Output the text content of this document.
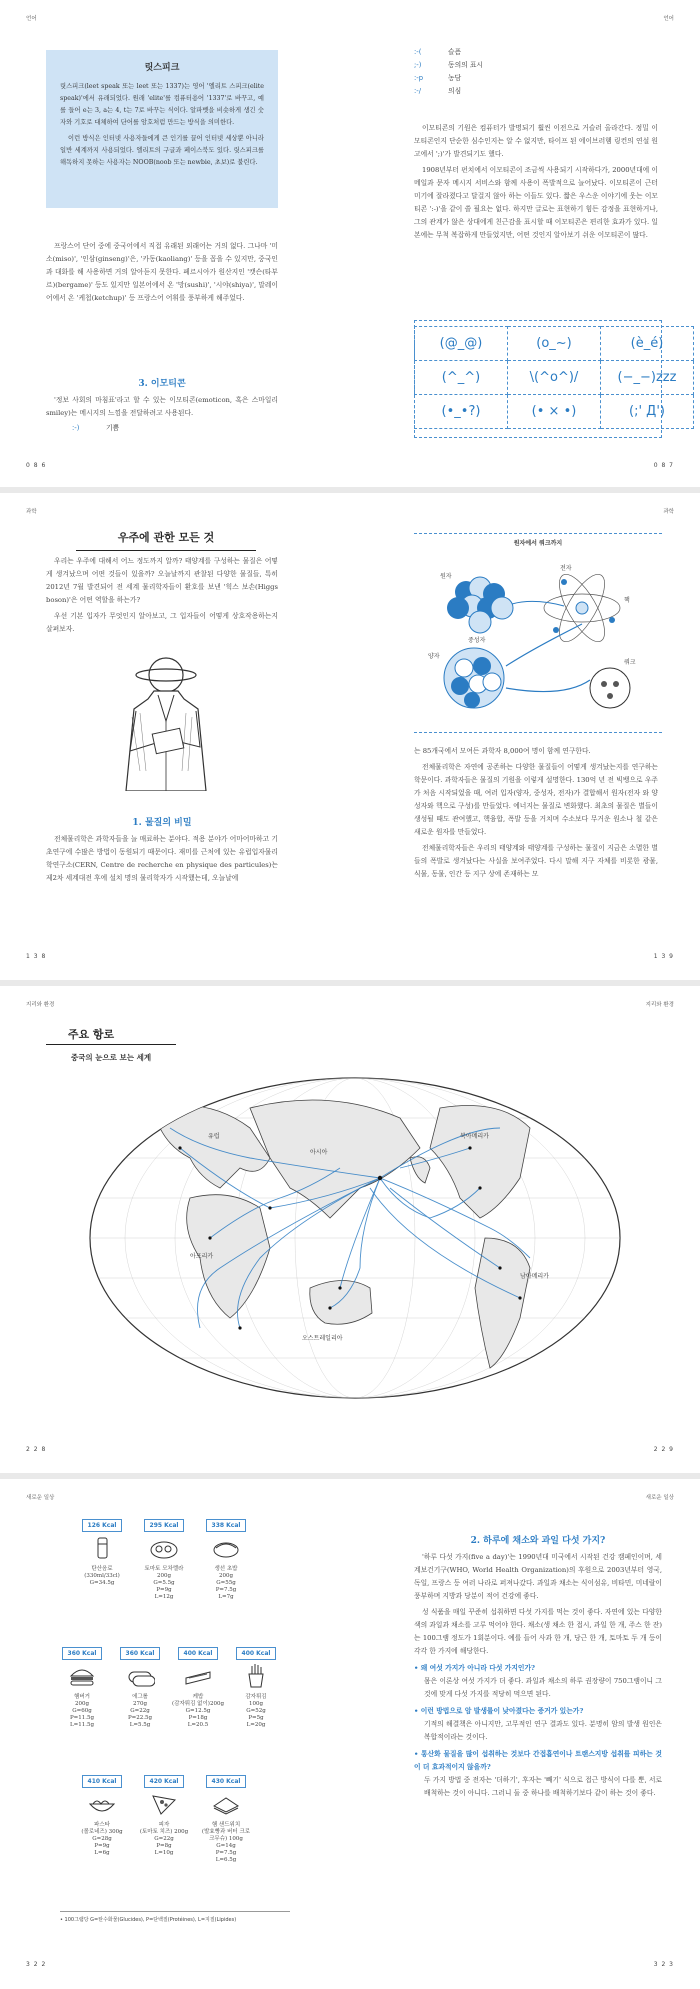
언어	언어
릿스피크
릿스피크(leet speak 또는 leet 또는 1337)는 영어 '엘리트 스피크(elite speak)'에서 유래되었다. 원래 'elite'를 컴퓨터용어 '1337'로 바꾸고, 예를 들어 e는 3, a는 4, t는 7로 바꾸는 식이다. 알파벳을 비슷하게 생긴 숫자와 기호로 대체하여 단어를 암호처럼 만드는 방식을 의미한다.
이런 방식은 인터넷 사용자들에게 큰 인기를 끌어 인터넷 세상뿐 아니라 일반 세계까지 사용되었다. 엘리트의 구글과 페이스북도 있다. 릿스피크를 해독하지 못하는 사용자는 NOOB(noob 또는 newbie, 초보)로 불린다.

프랑스어 단어 중에 중국어에서 직접 유래된 외래어는 거의 없다. 그나마 '미소(miso)', '인삼(ginseng)'은, '카동(kaoliang)' 등을 꼽을 수 있지만, 중국인과 대화를 해 사용하면 거의 알아듣지 못한다. 페르시아가 원산지인 '캣슨(타부르)(bergame)' 등도 있지만 일본어에서 온 '망(sushi)', '시야(shiya)', 말레이어에서 온 '케첩(ketchup)' 등 프랑스어 어휘를 풍부하게 해주었다.

3. 이모티콘

'정보 사회의 마침표'라고 할 수 있는 이모티콘(emoticon, 혹은 스마일리 smiley)는 메시지의 느낌을 전달하려고 사용된다.

:-)	기쁨
:-(	슬픔
;-)	동의의 표시
:-p	농담
:-/	의심

이모티콘의 기원은 컴퓨터가 발명되기 훨씬 이전으로 거슬러 올라간다. 정밀 이모티콘인지 단순한 심수인지는 알 수 없지만, 타이프 된 에이브러햄 링컨의 연설 원고에서 ';)'가 발견되기도 했다.

1908년부터 펀치에서 이모티콘이 조금씩 사용되기 시작하다가, 2000년대에 이메일과 문자 메시지 서비스와 함께 사용이 폭발적으로 늘어났다. 이모티콘이 근터미기에 잘라졌다고 달걸지 않아 하는 이들도 있다. 짧은 우스운 이야기에 웃는 이모티콘 ':-)'을 같이 쓸 필요는 없다. 하지만 글로는 표현하기 힘든 감정을 표현하거나, 그의 관계가 않은 상대에게 친근감을 표시할 때 이모티콘은 편리한 효과가 있다. 일본에는 무척 복잡하게 만들었지만, 어떤 것인지 알아보기 쉬운 이모티콘이 많다.

(@_@)	(o_~)	(è_é)
(^_^)	\(^o^)/	(−_−)zzz
(•_•?)	(• × •)	(;' Д')
0 8 6	0 8 7
과학	과학
우주에 관한 모든 것

우리는 우주에 대해서 어느 정도까지 알까? 태양계를 구성하는 물질은 어떻게 생겨났으며 어떤 것들이 있을까? 오늘날까지 관찰된 다양한 물질들, 특히 2012년 7월 발견되어 전 세계 물리학자들이 환호를 보낸 '힉스 보손(Higgs boson)'은 어떤 역할을 하는가?

우선 기본 입자가 무엇인지 알아보고, 그 입자들이 어떻게 상호작용하는지 살펴보자.

1. 물질의 비밀

전체물리학은 과학자들을 늘 매료하는 분야다. 적용 분야가 어마어마하고 기초연구에 수많은 방법이 동원되기 때문이다. 재미를 근처에 있는 유럽입자물리학연구소(CERN, Centre de recherche en physique des particules)는 제2차 세계대전 후에 설치 명의 물리학자가 시작했는데, 오늘날에

원자에서 쿼크까지
원자
전자
핵
양자
중성자
쿼크

는 85개국에서 모여든 과학자 8,000여 명이 함께 연구한다.

전체물리학은 자연에 공존하는 다양한 물질들이 어떻게 생겨났는지를 연구하는 학문이다. 과학자들은 물질의 기원을 이렇게 설명한다. 130억 년 전 빅뱅으로 우주가 처음 시작되었을 때, 여러 입자(양자, 중성자, 전자)가 결합해서 원자(전자 와 양성자와 핵으로 구성)를 만들었다. 에너지는 물질로 변화했다. 최초의 물질은 별들이 생성될 때도 관여했고, 핵융합, 폭발 등을 거치며 수소보다 무거운 원소나 철 같은 새로운 원자를 만들었다.

전체물리학자들은 우리의 태양계와 태양계를 구성하는 물질이 지금은 소멸한 별들의 폭발로 생겨났다는 사실을 보여주었다. 다시 말해 지구 자체를 비롯한 광물, 식물, 동물, 인간 등 지구 상에 존재하는 모

1 3 8	1 3 9
지리와 환경	지리와 환경
주요 항로
중국의 눈으로 보는 세계
유럽
아시아
아프리카
북아메리카
남아메리카
오스트레일리아
2 2 8	2 2 9
새로운 일상	새로운 일상
126 Kcal
탄산음료
(330ml/33cl)
G=34.5g
295 Kcal
토마토 모차렐라
200g
G=5.5g
P=9g
L=12g
338 Kcal
생선 초밥
200g
G=55g
P=7.5g
L=7g
360 Kcal
햄버거
200g
G=60g
P=11.5g
L=11.5g
360 Kcal
에그롤
270g
G=22g
P=22.5g
L=5.5g
400 Kcal
케밥
(감자튀김 없이)200g
G=12.5g
P=18g
L=20.5
400 Kcal
감자튀김
100g
G=52g
P=5g
L=20g
410 Kcal
파스타
(볼로네즈) 300g
G=28g
P=9g
L=6g
420 Kcal
피자
(토마토 치즈) 200g
G=22g
P=8g
L=10g
430 Kcal
햄 샌드위치
(발효빵과 버터 크로크무슈) 100g
G=14g
P=7.5g
L=6.5g
• 100그램당 G=탄수화물(Glucides), P=단백질(Protéines), L=지질(Lipides)
2. 하루에 채소와 과일 다섯 가지?

'하루 다섯 가지(five a day)'는 1990년대 미국에서 시작된 건강 캠페인이며, 세계보건기구(WHO, World Health Organization)의 후원으로 2003년부터 영국, 독일, 프랑스 등 여러 나라로 퍼져나갔다. 과일과 채소는 식이섬유, 비타민, 미네랄이 풍부하며 지방과 당분이 적어 건강에 좋다.

성 식품을 매일 꾸준히 섭취하면 다섯 가지를 먹는 것이 좋다. 자연에 있는 다양한 색의 과일과 채소를 고루 먹어야 한다. 채소(생 채소 한 접시, 과일 한 개, 주스 한 잔)는 100그램 정도가 1회분이다. 예를 들어 사과 한 개, 당근 한 개, 토마토 두 개 등이 각각 한 가지에 해당한다.

• 왜 여섯 가지가 아니라 다섯 가지인가?
몸은 이론상 여섯 가지가 더 좋다. 과일과 채소의 하루 권장량이 750그램이니 그것에 맞게 다섯 가지를 적당히 먹으면 된다.
• 이런 방법으로 암 발생률이 낮아졌다는 증거가 있는가?
기적의 해결책은 아니지만, 고무적인 연구 결과도 있다. 분명히 암의 발생 원인은 복합적이라는 것이다.
• 통산화 물질을 많이 섭취하는 것보다 간접흡연이나 트랜스지방 섭취를 피하는 것이 더 효과적이지 않을까?
두 가지 방법 중 전자는 '더하기', 후자는 '빼기' 식으로 접근 방식이 다를 뿐, 서로 배척하는 것이 아니다. 그러니 둘 중 하나를 배척하기보다 같이 하는 것이 좋다.
3 2 2	3 2 3
